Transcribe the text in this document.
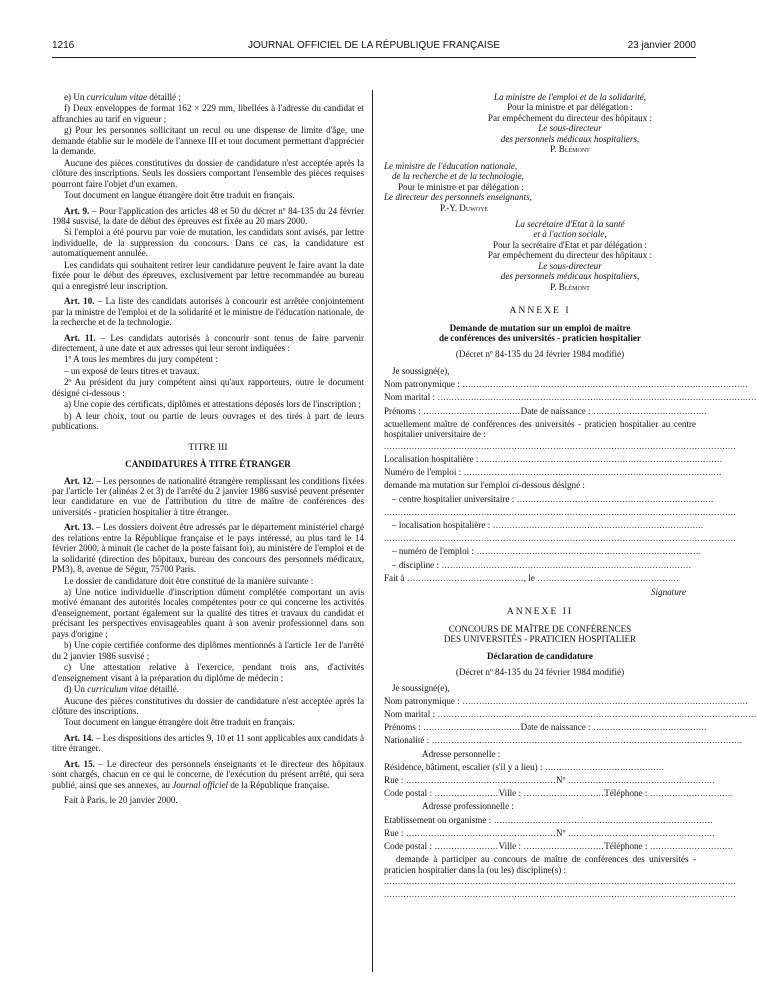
1216	JOURNAL OFFICIEL DE LA RÉPUBLIQUE FRANÇAISE	23 janvier 2000

e) Un curriculum vitae détaillé ;

f) Deux enveloppes de format 162 × 229 mm, libellées à l'adresse du candidat et affranchies au tarif en vigueur ;

g) Pour les personnes sollicitant un recul ou une dispense de limite d'âge, une demande établie sur le modèle de l'annexe III et tout document permettant d'apprécier la demande.

Aucune des pièces constitutives du dossier de candidature n'est acceptée après la clôture des inscriptions. Seuls les dossiers comportant l'ensemble des pièces requises pourront faire l'objet d'un examen.

Tout document en langue étrangère doit être traduit en français.

Art. 9. – Pour l'application des articles 48 et 50 du décret nº 84-135 du 24 février 1984 susvisé, la date de début des épreuves est fixée au 20 mars 2000.

Si l'emploi a été pourvu par voie de mutation, les candidats sont avisés, par lettre individuelle, de la suppression du concours. Dans ce cas, la candidature est automatiquement annulée.

Les candidats qui souhaitent retirer leur candidature peuvent le faire avant la date fixée pour le début des épreuves, exclusivement par lettre recommandée au bureau qui a enregistré leur inscription.

Art. 10. – La liste des candidats autorisés à concourir est arrêtée conjointement par la ministre de l'emploi et de la solidarité et le ministre de l'éducation nationale, de la recherche et de la technologie.

Art. 11. – Les candidats autorisés à concourir sont tenus de faire parvenir directement, à une date et aux adresses qui leur seront indiquées :

1º A tous les membres du jury compétent :

– un exposé de leurs titres et travaux.

2º Au président du jury compétent ainsi qu'aux rapporteurs, outre le document désigné ci-dessous :

a) Une copie des certificats, diplômes et attestations déposés lors de l'inscription ;

b) A leur choix, tout ou partie de leurs ouvrages et des tirés à part de leurs publications.

TITRE III

CANDIDATURES À TITRE ÉTRANGER

Art. 12. – Les personnes de nationalité étrangère remplissant les conditions fixées par l'article 1er (alinéas 2 et 3) de l'arrêté du 2 janvier 1986 susvisé peuvent présenter leur candidature en vue de l'attribution du titre de maître de conférences des universités - praticien hospitalier à titre étranger.

Art. 13. – Les dossiers doivent être adressés par le département ministériel chargé des relations entre la République française et le pays intéressé, au plus tard le 14 février 2000, à minuit (le cachet de la poste faisant foi), au ministère de l'emploi et de la solidarité (direction des hôpitaux, bureau des concours des personnels médicaux, PM3), 8, avenue de Ségur, 75700 Paris.

Le dossier de candidature doit être constitué de la manière suivante :

a) Une notice individuelle d'inscription dûment complétée comportant un avis motivé émanant des autorités locales compétentes pour ce qui concerne les activités d'enseignement, portant également sur la qualité des titres et travaux du candidat et précisant les perspectives envisageables quant à son avenir professionnel dans son pays d'origine ;

b) Une copie certifiée conforme des diplômes mentionnés à l'article 1er de l'arrêté du 2 janvier 1986 susvisé ;

c) Une attestation relative à l'exercice, pendant trois ans, d'activités d'enseignement visant à la préparation du diplôme de médecin ;

d) Un curriculum vitae détaillé.

Aucune des pièces constitutives du dossier de candidature n'est acceptée après la clôture des inscriptions.

Tout document en langue étrangère doit être traduit en français.

Art. 14. – Les dispositions des articles 9, 10 et 11 sont applicables aux candidats à titre étranger.

Art. 15. – Le directeur des personnels enseignants et le directeur des hôpitaux sont chargés, chacun en ce qui le concerne, de l'exécution du présent arrêté, qui sera publié, ainsi que ses annexes, au Journal officiel de la République française.

Fait à Paris, le 20 janvier 2000.

La ministre de l'emploi et de la solidarité,

Pour la ministre et par délégation :

Par empêchement du directeur des hôpitaux :

Le sous-directeur

des personnels médicaux hospitaliers,

P. Blémont

Le ministre de l'éducation nationale,

de la recherche et de la technologie,

Pour le ministre et par délégation :

Le directeur des personnels enseignants,

P.-Y. Duwoye

La secrétaire d'Etat à la santé

et à l'action sociale,

Pour la secrétaire d'Etat et par délégation :

Par empêchement du directeur des hôpitaux :

Le sous-directeur

des personnels médicaux hospitaliers,

P. Blémont

ANNEXE I

Demande de mutation sur un emploi de maître

de conférences des universités - praticien hospitalier

(Décret nº 84-135 du 24 février 1984 modifié)

Je soussigné(e),
Nom patronymique : .......................................................................................................
Nom marital : ...................................................................................................................
Prénoms : ................................... Date de naissance : .........................................

actuellement maître de conférences des universités - praticien hospitalier au centre hospitalier universitaire de :

...............................................................................................................................
Localisation hospitalière : .......................................................................................
Numéro de l'emploi : .............................................................................................
demande ma mutation sur l'emploi ci-dessous désigné :
– centre hospitalier universitaire : .......................................................................
...............................................................................................................................
– localisation hospitalière : ............................................................................
...............................................................................................................................
– numéro de l'emploi : .................................................................................
– discipline : ..........................................................................................
Fait à .......................................... , le ...................................................

Signature

ANNEXE II

CONCOURS DE MAÎTRE DE CONFÉRENCES

DES UNIVERSITÉS - PRATICIEN HOSPITALIER

Déclaration de candidature

(Décret nº 84-135 du 24 février 1984 modifié)

Je soussigné(e),
Nom patronymique : .......................................................................................................
Nom marital : ...................................................................................................................
Prénoms : ................................... Date de naissance : .........................................
Nationalité : ................................................................................................................
Adresse personnelle :
Résidence, bâtiment, escalier (s'il y a lieu) : ...........................................
Rue : ...................................................... Nº .....................................................
Code postal : ....................... Ville : ............................. Téléphone : ..............................
Adresse professionnelle :
Etablissement ou organisme : ...............................................................................
Rue : ...................................................... Nº .....................................................
Code postal : ....................... Ville : ............................. Téléphone : ..............................

demande à participer au concours de maître de conférences des universités - praticien hospitalier dans la (ou les) discipline(s) :

...............................................................................................................................
...............................................................................................................................
